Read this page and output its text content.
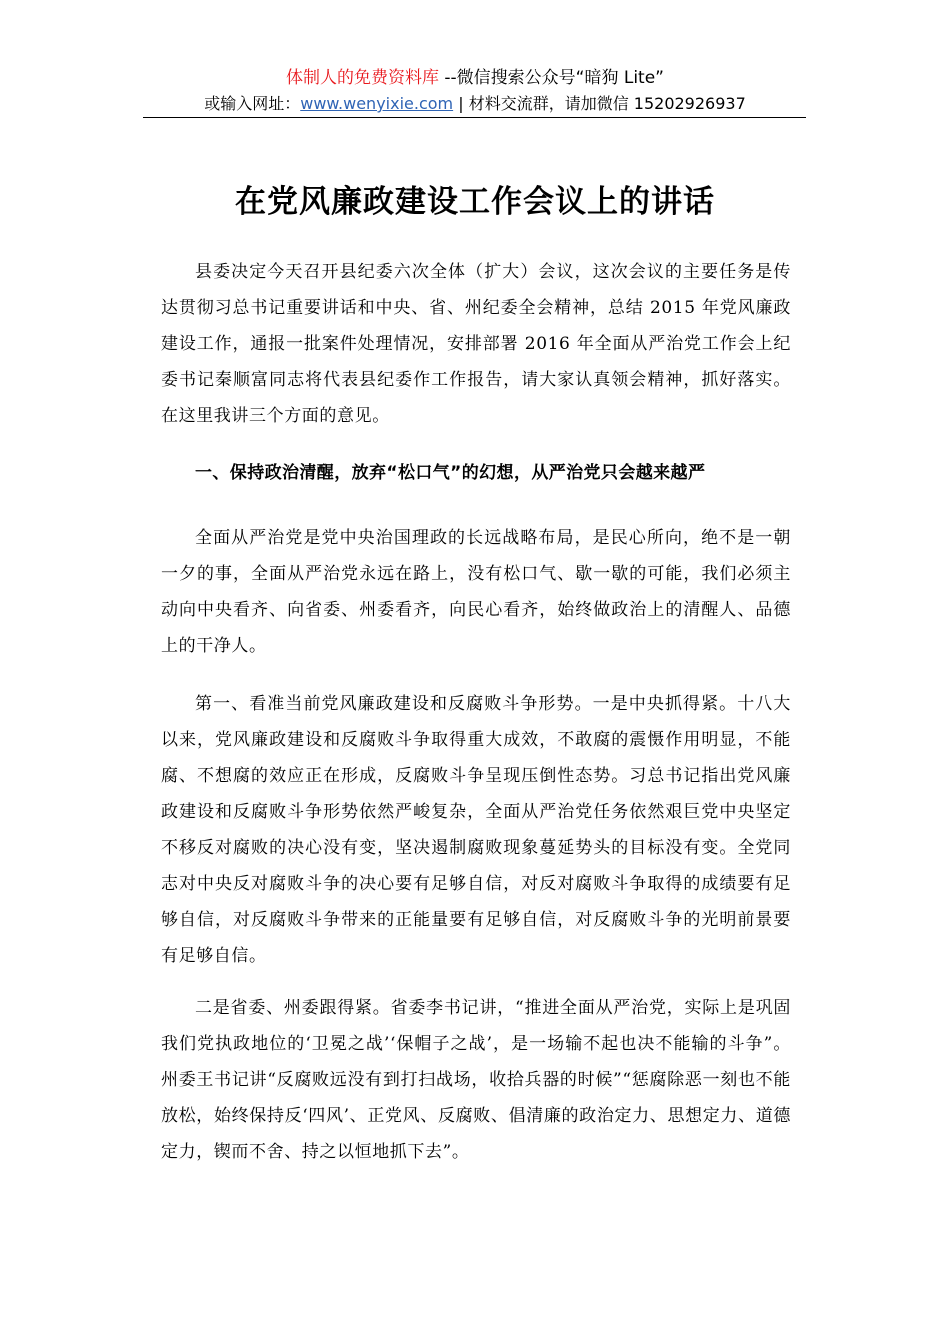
体制人的免费资料库 --微信搜索公众号“暗狗 Lite”
或输入网址：www.wenyixie.com | 材料交流群，请加微信 15202926937
在党风廉政建设工作会议上的讲话
县委决定今天召开县纪委六次全体（扩大）会议，这次会议的主要任务是传达贯彻习总书记重要讲话和中央、省、州纪委全会精神，总结 2015 年党风廉政建设工作，通报一批案件处理情况，安排部署 2016 年全面从严治党工作会上纪委书记秦顺富同志将代表县纪委作工作报告，请大家认真领会精神，抓好落实。在这里我讲三个方面的意见。
一、保持政治清醒，放弃“松口气”的幻想，从严治党只会越来越严
全面从严治党是党中央治国理政的长远战略布局，是民心所向，绝不是一朝一夕的事，全面从严治党永远在路上，没有松口气、歇一歇的可能，我们必须主动向中央看齐、向省委、州委看齐，向民心看齐，始终做政治上的清醒人、品德上的干净人。
第一、看准当前党风廉政建设和反腐败斗争形势。一是中央抓得紧。十八大以来，党风廉政建设和反腐败斗争取得重大成效，不敢腐的震慑作用明显，不能腐、不想腐的效应正在形成，反腐败斗争呈现压倒性态势。习总书记指出党风廉政建设和反腐败斗争形势依然严峻复杂，全面从严治党任务依然艰巨党中央坚定不移反对腐败的决心没有变，坚决遏制腐败现象蔓延势头的目标没有变。全党同志对中央反对腐败斗争的决心要有足够自信，对反对腐败斗争取得的成绩要有足够自信，对反腐败斗争带来的正能量要有足够自信，对反腐败斗争的光明前景要有足够自信。
二是省委、州委跟得紧。省委李书记讲，“推进全面从严治党，实际上是巩固我们党执政地位的‘卫冕之战’‘保帽子之战’，是一场输不起也决不能输的斗争”。州委王书记讲“反腐败远没有到打扫战场，收拾兵器的时候”“惩腐除恶一刻也不能放松，始终保持反‘四风’、正党风、反腐败、倡清廉的政治定力、思想定力、道德定力，锲而不舍、持之以恒地抓下去”。
